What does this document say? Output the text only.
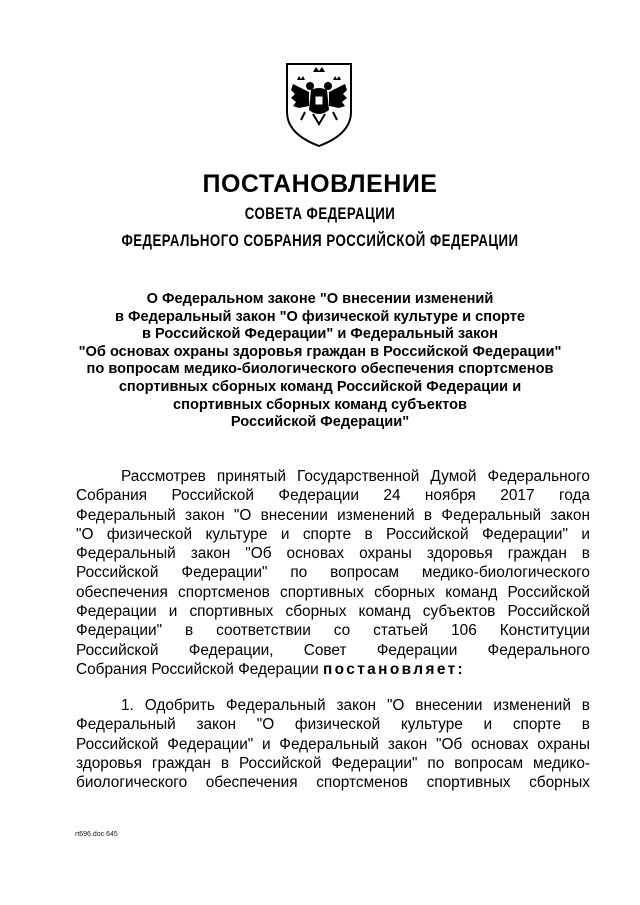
ПОСТАНОВЛЕНИЕ
СОВЕТА ФЕДЕРАЦИИ
ФЕДЕРАЛЬНОГО СОБРАНИЯ РОССИЙСКОЙ ФЕДЕРАЦИИ
О Федеральном законе "О внесении изменений
в Федеральный закон "О физической культуре и спорте
в Российской Федерации" и Федеральный закон
"Об основах охраны здоровья граждан в Российской Федерации"
по вопросам медико-биологического обеспечения спортсменов
спортивных сборных команд Российской Федерации и
спортивных сборных команд субъектов
Российской Федерации"
Рассмотрев принятый Государственной Думой Федерального
Собрания Российской Федерации 24 ноября 2017 года
Федеральный закон "О внесении изменений в Федеральный закон
"О физической культуре и спорте в Российской Федерации" и
Федеральный закон "Об основах охраны здоровья граждан в
Российской Федерации" по вопросам медико-биологического
обеспечения спортсменов спортивных сборных команд Российской
Федерации и спортивных сборных команд субъектов Российской
Федерации" в соответствии со статьей 106 Конституции
Российской Федерации, Совет Федерации Федерального
Собрания Российской Федерации постановляет:
1. Одобрить Федеральный закон "О внесении изменений в
Федеральный закон "О физической культуре и спорте в
Российской Федерации" и Федеральный закон "Об основах охраны
здоровья граждан в Российской Федерации" по вопросам медико-
биологического обеспечения спортсменов спортивных сборных
rt696.doc 645
